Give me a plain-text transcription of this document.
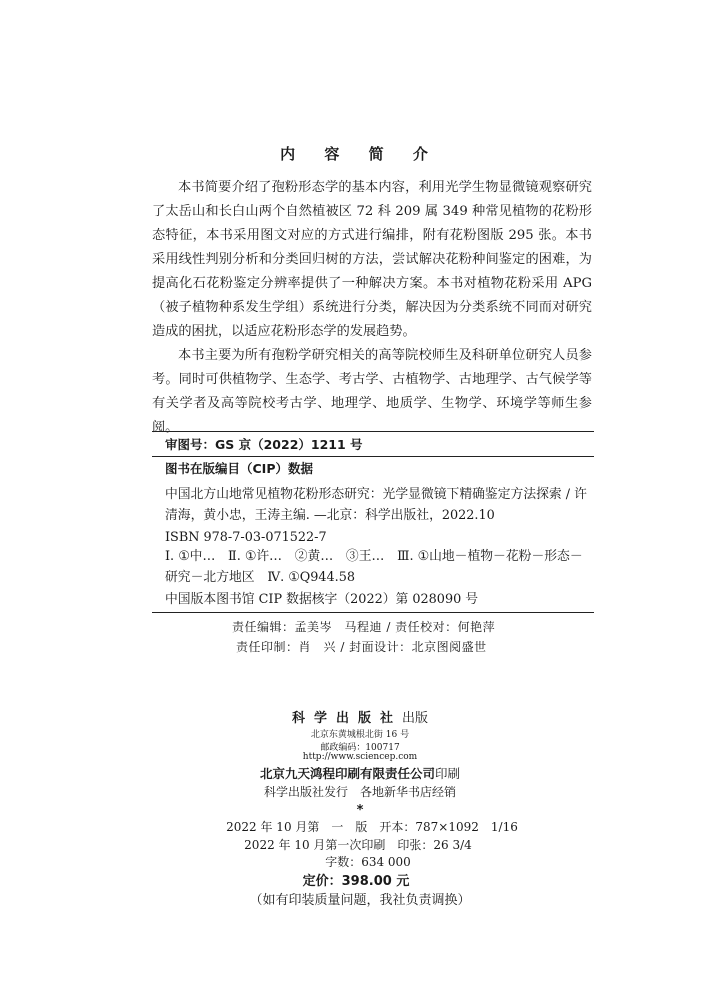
内 容 简 介

本书简要介绍了孢粉形态学的基本内容，利用光学生物显微镜观察研究了太岳山和长白山两个自然植被区 72 科 209 属 349 种常见植物的花粉形态特征，本书采用图文对应的方式进行编排，附有花粉图版 295 张。本书采用线性判别分析和分类回归树的方法，尝试解决花粉种间鉴定的困难，为提高化石花粉鉴定分辨率提供了一种解决方案。本书对植物花粉采用 APG（被子植物种系发生学组）系统进行分类，解决因为分类系统不同而对研究造成的困扰，以适应花粉形态学的发展趋势。

本书主要为所有孢粉学研究相关的高等院校师生及科研单位研究人员参考。同时可供植物学、生态学、考古学、古植物学、古地理学、古气候学等有关学者及高等院校考古学、地理学、地质学、生物学、环境学等师生参阅。

审图号：GS 京（2022）1211 号
图书在版编目（CIP）数据
中国北方山地常见植物花粉形态研究：光学显微镜下精确鉴定方法探索 / 许清海，黄小忠，王涛主编. —北京：科学出版社，2022.10
ISBN 978-7-03-071522-7
Ⅰ. ①中…　Ⅱ. ①许…　②黄…　③王…　Ⅲ. ①山地－植物－花粉－形态－研究－北方地区　Ⅳ. ①Q944.58
中国版本图书馆 CIP 数据核字（2022）第 028090 号
责任编辑：孟美岑　马程迪 / 责任校对：何艳萍
责任印制：肖　兴 / 封面设计：北京图阅盛世
科学出版社出版
北京东黄城根北街 16 号
邮政编码：100717
http://www.sciencep.com
北京九天鸿程印刷有限责任公司印刷
科学出版社发行　各地新华书店经销
*
2022 年 10 月第　一　版　开本：787×1092　1/16
2022 年 10 月第一次印刷　印张：26 3/4
字数：634 000
定价：398.00 元
（如有印装质量问题，我社负责调换）
